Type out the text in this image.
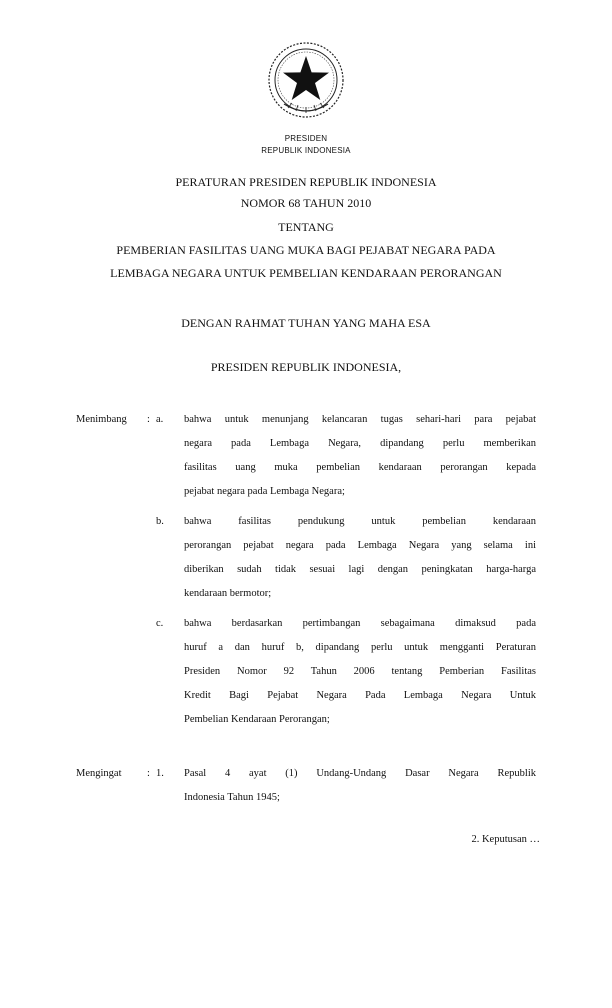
PRESIDEN
REPUBLIK INDONESIA
PERATURAN PRESIDEN REPUBLIK INDONESIA
NOMOR 68 TAHUN 2010
TENTANG
PEMBERIAN FASILITAS UANG MUKA BAGI PEJABAT NEGARA PADA
LEMBAGA NEGARA UNTUK PEMBELIAN KENDARAAN PERORANGAN
DENGAN RAHMAT TUHAN YANG MAHA ESA
PRESIDEN REPUBLIK INDONESIA,
Menimbang	: a.	bahwa untuk menunjang kelancaran tugas sehari-hari para pejabat
negara pada Lembaga Negara, dipandang perlu memberikan
fasilitas uang muka pembelian kendaraan perorangan kepada
pejabat negara pada Lembaga Negara;
b.	bahwa fasilitas pendukung untuk pembelian kendaraan
perorangan pejabat negara pada Lembaga Negara yang selama ini
diberikan sudah tidak sesuai lagi dengan peningkatan harga-harga
kendaraan bermotor;
c.	bahwa berdasarkan pertimbangan sebagaimana dimaksud pada
huruf a dan huruf b, dipandang perlu untuk mengganti Peraturan
Presiden Nomor 92 Tahun 2006 tentang Pemberian Fasilitas
Kredit Bagi Pejabat Negara Pada Lembaga Negara Untuk
Pembelian Kendaraan Perorangan;
Mengingat	: 1.	Pasal 4 ayat (1) Undang-Undang Dasar Negara Republik
Indonesia Tahun 1945;
2. Keputusan …
